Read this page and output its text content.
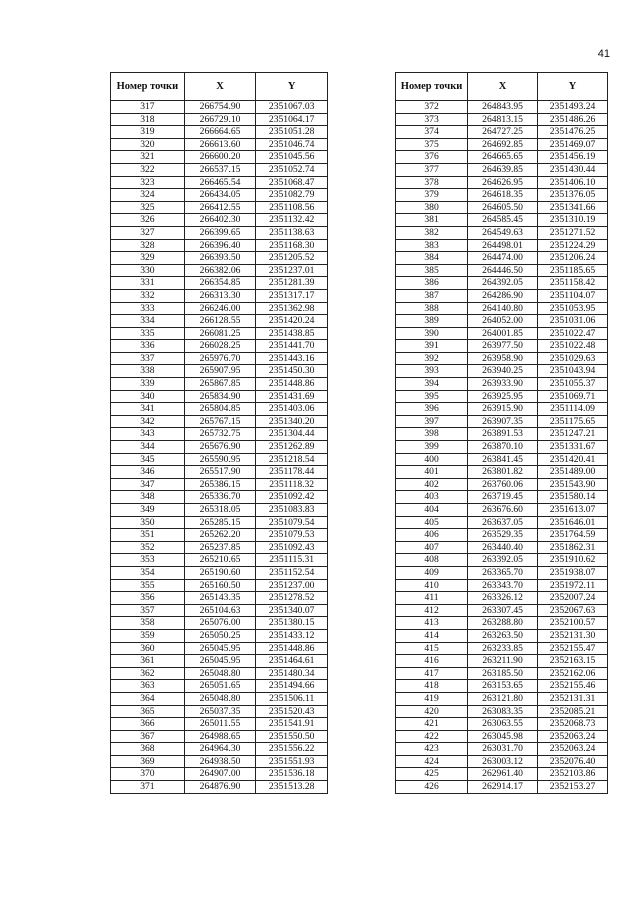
41
Номер точки	X	Y
317	266754.90	2351067.03
318	266729.10	2351064.17
319	266664.65	2351051.28
320	266613.60	2351046.74
321	266600.20	2351045.56
322	266537.15	2351052.74
323	266465.54	2351068.47
324	266434.05	2351082.79
325	266412.55	2351108.56
326	266402.30	2351132.42
327	266399.65	2351138.63
328	266396.40	2351168.30
329	266393.50	2351205.52
330	266382.06	2351237.01
331	266354.85	2351281.39
332	266313.30	2351317.17
333	266246.00	2351362.98
334	266128.55	2351420.24
335	266081.25	2351438.85
336	266028.25	2351441.70
337	265976.70	2351443.16
338	265907.95	2351450.30
339	265867.85	2351448.86
340	265834.90	2351431.69
341	265804.85	2351403.06
342	265767.15	2351340.20
343	265732.75	2351304.44
344	265676.90	2351262.89
345	265590.95	2351218.54
346	265517.90	2351178.44
347	265386.15	2351118.32
348	265336.70	2351092.42
349	265318.05	2351083.83
350	265285.15	2351079.54
351	265262.20	2351079.53
352	265237.85	2351092.43
353	265210.65	2351115.31
354	265190.60	2351152.54
355	265160.50	2351237.00
356	265143.35	2351278.52
357	265104.63	2351340.07
358	265076.00	2351380.15
359	265050.25	2351433.12
360	265045.95	2351448.86
361	265045.95	2351464.61
362	265048.80	2351480.34
363	265051.65	2351494.66
364	265048.80	2351506.11
365	265037.35	2351520.43
366	265011.55	2351541.91
367	264988.65	2351550.50
368	264964.30	2351556.22
369	264938.50	2351551.93
370	264907.00	2351536.18
371	264876.90	2351513.28
Номер точки	X	Y
372	264843.95	2351493.24
373	264813.15	2351486.26
374	264727.25	2351476.25
375	264692.85	2351469.07
376	264665.65	2351456.19
377	264639.85	2351430.44
378	264626.95	2351406.10
379	264618.35	2351376.05
380	264605.50	2351341.66
381	264585.45	2351310.19
382	264549.63	2351271.52
383	264498.01	2351224.29
384	264474.00	2351206.24
385	264446.50	2351185.65
386	264392.05	2351158.42
387	264286.90	2351104.07
388	264140.80	2351053.95
389	264052.00	2351031.06
390	264001.85	2351022.47
391	263977.50	2351022.48
392	263958.90	2351029.63
393	263940.25	2351043.94
394	263933.90	2351055.37
395	263925.95	2351069.71
396	263915.90	2351114.09
397	263907.35	2351175.65
398	263891.53	2351247.21
399	263870.10	2351331.67
400	263841.45	2351420.41
401	263801.82	2351489.00
402	263760.06	2351543.90
403	263719.45	2351580.14
404	263676.60	2351613.07
405	263637.05	2351646.01
406	263529.35	2351764.59
407	263440.40	2351862.31
408	263392.05	2351910.62
409	263365.70	2351938.07
410	263343.70	2351972.11
411	263326.12	2352007.24
412	263307.45	2352067.63
413	263288.80	2352100.57
414	263263.50	2352131.30
415	263233.85	2352155.47
416	263211.90	2352163.15
417	263185.50	2352162.06
418	263153.65	2352155.46
419	263121.80	2352131.31
420	263083.35	2352085.21
421	263063.55	2352068.73
422	263045.98	2352063.24
423	263031.70	2352063.24
424	263003.12	2352076.40
425	262961.40	2352103.86
426	262914.17	2352153.27
